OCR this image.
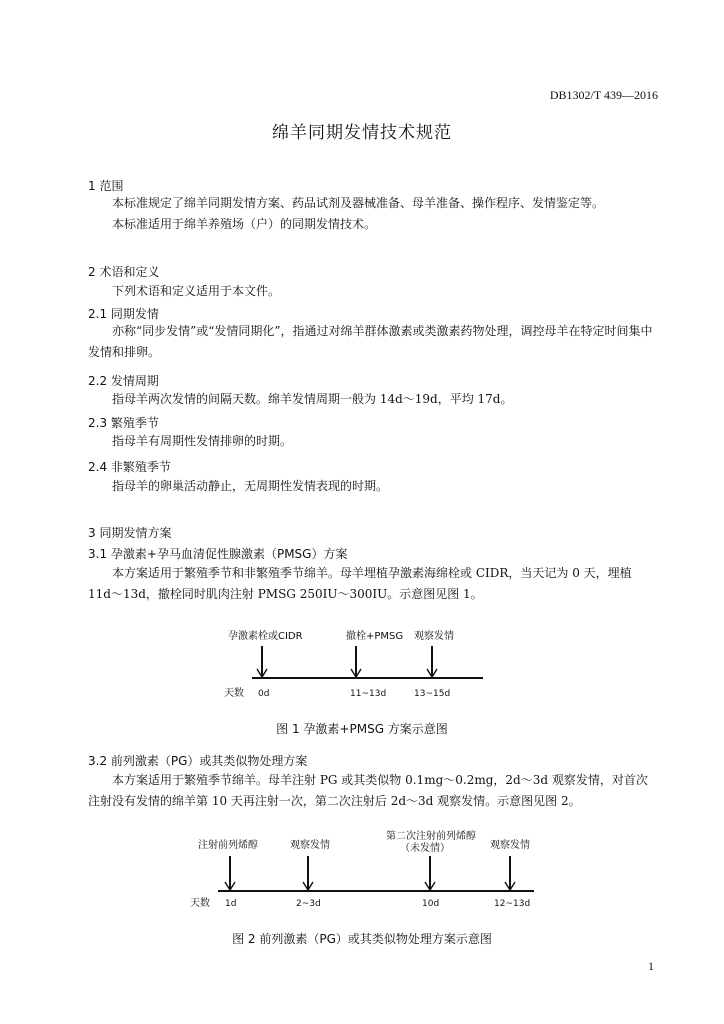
DB1302/T 439—2016
绵羊同期发情技术规范
1 范围
本标准规定了绵羊同期发情方案、药品试剂及器械准备、母羊准备、操作程序、发情鉴定等。
本标准适用于绵羊养殖场（户）的同期发情技术。
2 术语和定义
下列术语和定义适用于本文件。
2.1 同期发情
亦称“同步发情”或“发情同期化”，指通过对绵羊群体激素或类激素药物处理，调控母羊在特定时间集中发情和排卵。
2.2 发情周期
指母羊两次发情的间隔天数。绵羊发情周期一般为 14d～19d，平均 17d。
2.3 繁殖季节
指母羊有周期性发情排卵的时期。
2.4 非繁殖季节
指母羊的卵巢活动静止，无周期性发情表现的时期。
3 同期发情方案
3.1 孕激素+孕马血清促性腺激素（PMSG）方案
本方案适用于繁殖季节和非繁殖季节绵羊。母羊埋植孕激素海绵栓或 CIDR，当天记为 0 天，埋植 11d～13d，撤栓同时肌肉注射 PMSG 250IU～300IU。示意图见图 1。
孕激素栓或CIDR	撤栓+PMSG 观察发情
天数 0d	11~13d	13~15d
图 1 孕激素+PMSG 方案示意图
3.2 前列激素（PG）或其类似物处理方案
本方案适用于繁殖季节绵羊。母羊注射 PG 或其类似物 0.1mg～0.2mg，2d～3d 观察发情，对首次注射没有发情的绵羊第 10 天再注射一次，第二次注射后 2d～3d 观察发情。示意图见图 2。
注射前列烯醇	观察发情
第二次注射前列烯醇
（未发情）	观察发情
天数 1d	2~3d	10d	12~13d
图 2 前列激素（PG）或其类似物处理方案示意图
1
